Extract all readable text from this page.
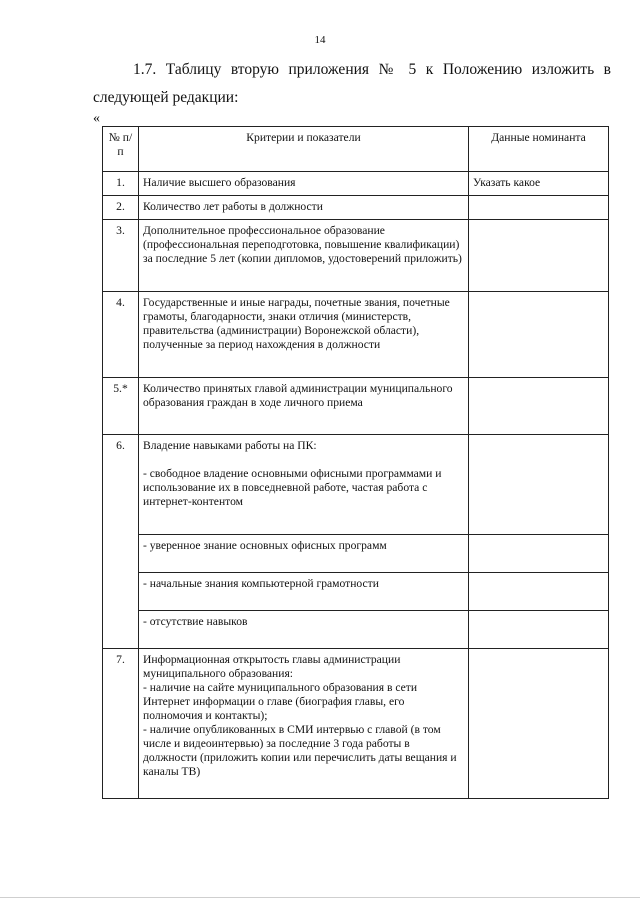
14
1.7. Таблицу вторую приложения № 5 к Положению изложить в следующей редакции:
«
№ п/п	Критерии и показатели	Данные номинанта
1.	Наличие высшего образования	Указать какое
2.	Количество лет работы в должности	
3.	Дополнительное профессиональное образование (профессиональная переподготовка, повышение квалификации) за последние 5 лет (копии дипломов, удостоверений приложить)	
4.	Государственные и иные награды, почетные звания, почетные грамоты, благодарности, знаки отличия (министерств, правительства (администрации) Воронежской области), полученные за период нахождения в должности	
5.*	Количество принятых главой администрации муниципального образования граждан в ходе личного приема	
6.	Владение навыками работы на ПК:
- свободное владение основными офисными программами и использование их в повседневной работе, частая работа с интернет-контентом	

	- уверенное знание основных офисных программ	
	- начальные знания компьютерной грамотности	
	- отсутствие навыков	
7.	Информационная открытость главы администрации муниципального образования:
- наличие на сайте муниципального образования в сети Интернет информации о главе (биография главы, его полномочия и контакты);
- наличие опубликованных в СМИ интервью с главой (в том числе и видеоинтервью) за последние 3 года работы в должности (приложить копии или перечислить даты вещания и каналы ТВ)	
